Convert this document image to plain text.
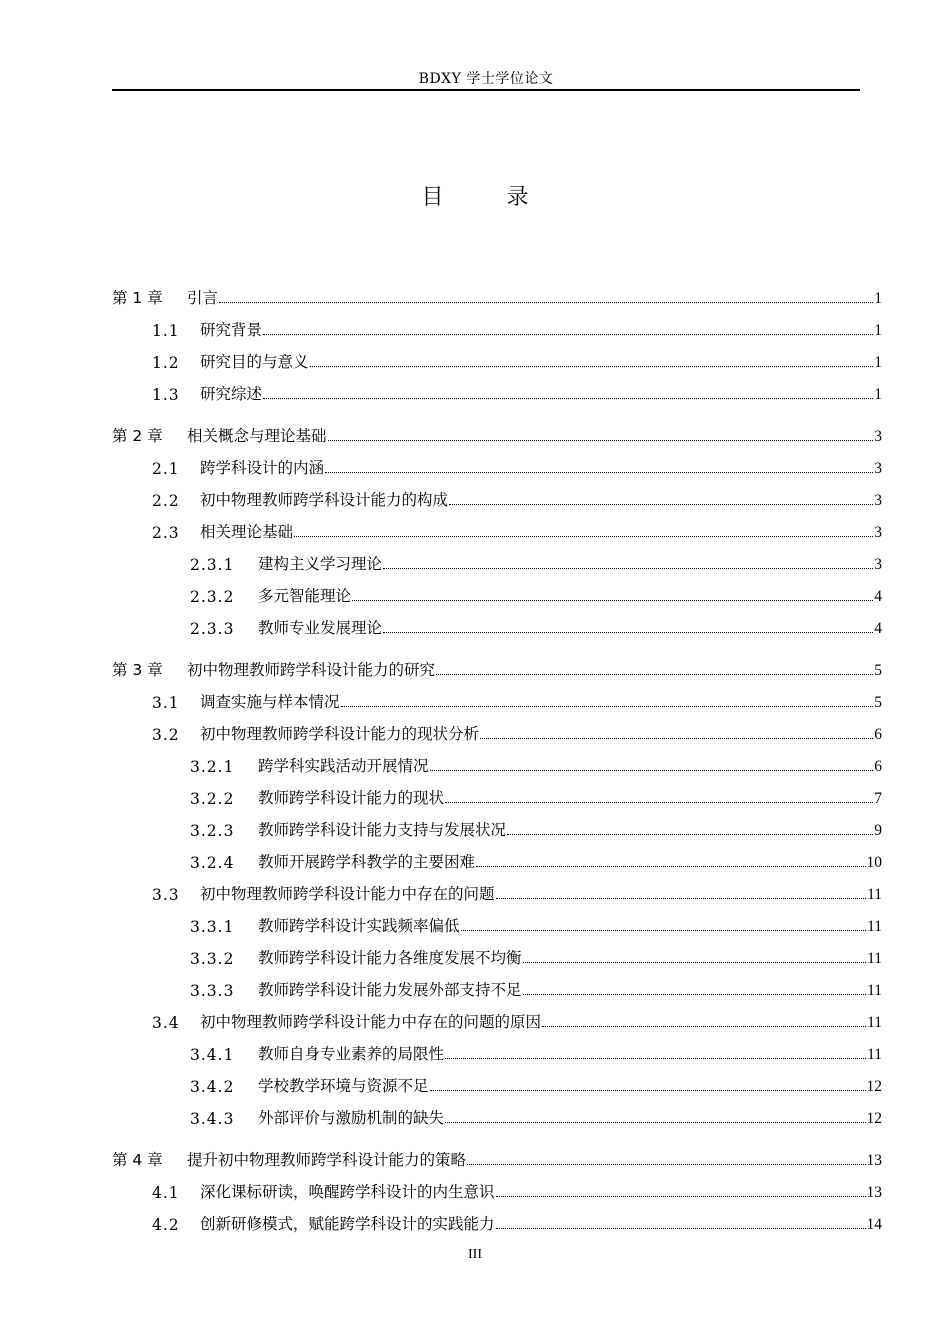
BDXY 学士学位论文
目	录
第 1 章	引言	1
1.1	研究背景	1
1.2	研究目的与意义	1
1.3	研究综述	1
第 2 章	相关概念与理论基础	3
2.1	跨学科设计的内涵	3
2.2	初中物理教师跨学科设计能力的构成	3
2.3	相关理论基础	3
2.3.1	建构主义学习理论	3
2.3.2	多元智能理论	4
2.3.3	教师专业发展理论	4
第 3 章	初中物理教师跨学科设计能力的研究	5
3.1	调查实施与样本情况	5
3.2	初中物理教师跨学科设计能力的现状分析	6
3.2.1	跨学科实践活动开展情况	6
3.2.2	教师跨学科设计能力的现状	7
3.2.3	教师跨学科设计能力支持与发展状况	9
3.2.4	教师开展跨学科教学的主要困难	10
3.3	初中物理教师跨学科设计能力中存在的问题	11
3.3.1	教师跨学科设计实践频率偏低	11
3.3.2	教师跨学科设计能力各维度发展不均衡	11
3.3.3	教师跨学科设计能力发展外部支持不足	11
3.4	初中物理教师跨学科设计能力中存在的问题的原因	11
3.4.1	教师自身专业素养的局限性	11
3.4.2	学校教学环境与资源不足	12
3.4.3	外部评价与激励机制的缺失	12
第 4 章	提升初中物理教师跨学科设计能力的策略	13
4.1	深化课标研读，唤醒跨学科设计的内生意识	13
4.2	创新研修模式，赋能跨学科设计的实践能力	14
III
